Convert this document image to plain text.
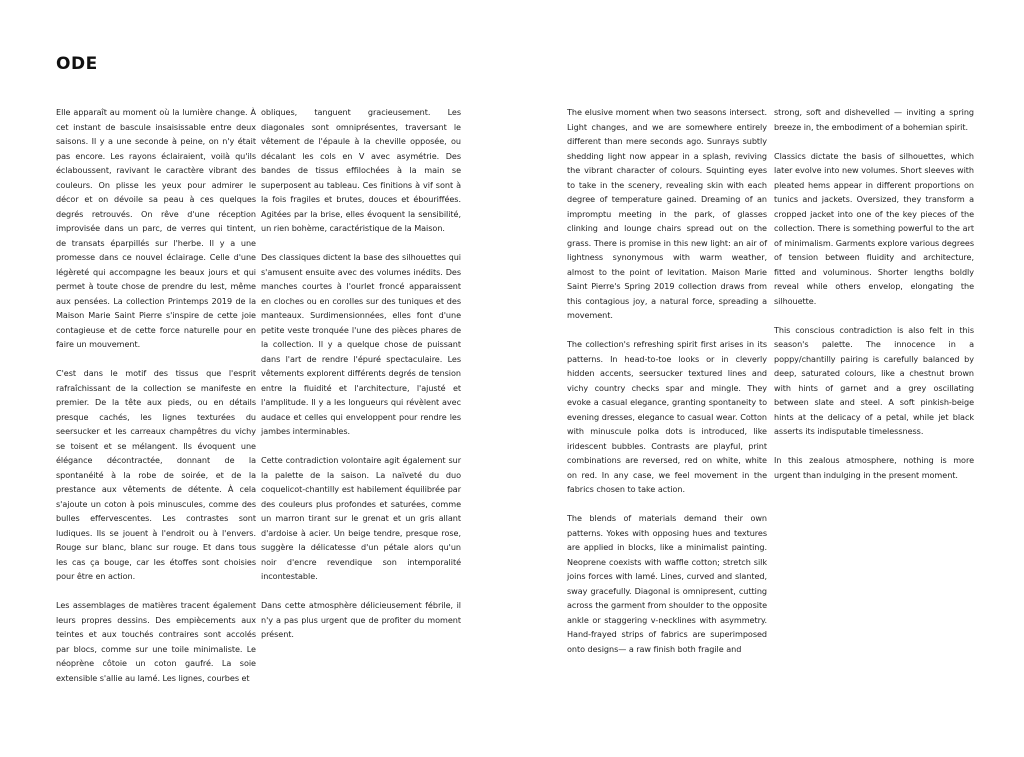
ODE

Elle apparaît au moment où la lumière change. À cet instant de bascule insaisissable entre deux saisons. Il y a une seconde à peine, on n'y était pas encore. Les rayons éclairaient, voilà qu'ils éclaboussent, ravivant le caractère vibrant des couleurs. On plisse les yeux pour admirer le décor et on dévoile sa peau à ces quelques degrés retrouvés. On rêve d'une réception improvisée dans un parc, de verres qui tintent, de transats éparpillés sur l'herbe. Il y a une promesse dans ce nouvel éclairage. Celle d'une légèreté qui accompagne les beaux jours et qui permet à toute chose de prendre du lest, même aux pensées. La collection Printemps 2019 de la Maison Marie Saint Pierre s'inspire de cette joie contagieuse et de cette force naturelle pour en faire un mouvement.

C'est dans le motif des tissus que l'esprit rafraîchissant de la collection se manifeste en premier. De la tête aux pieds, ou en détails presque cachés, les lignes texturées du seersucker et les carreaux champêtres du vichy se toisent et se mélangent. Ils évoquent une élégance décontractée, donnant de la spontanéité à la robe de soirée, et de la prestance aux vêtements de détente. À cela s'ajoute un coton à pois minuscules, comme des bulles effervescentes. Les contrastes sont ludiques. Ils se jouent à l'endroit ou à l'envers. Rouge sur blanc, blanc sur rouge. Et dans tous les cas ça bouge, car les étoffes sont choisies pour être en action.

Les assemblages de matières tracent également leurs propres dessins. Des empiècements aux teintes et aux touchés contraires sont accolés par blocs, comme sur une toile minimaliste. Le néoprène côtoie un coton gaufré. La soie extensible s'allie au lamé. Les lignes, courbes et

obliques, tanguent gracieusement. Les diagonales sont omniprésentes, traversant le vêtement de l'épaule à la cheville opposée, ou décalant les cols en V avec asymétrie. Des bandes de tissus effilochées à la main se superposent au tableau. Ces finitions à vif sont à la fois fragiles et brutes, douces et ébouriffées. Agitées par la brise, elles évoquent la sensibilité, un rien bohème, caractéristique de la Maison.

Des classiques dictent la base des silhouettes qui s'amusent ensuite avec des volumes inédits. Des manches courtes à l'ourlet froncé apparaissent en cloches ou en corolles sur des tuniques et des manteaux. Surdimensionnées, elles font d'une petite veste tronquée l'une des pièces phares de la collection. Il y a quelque chose de puissant dans l'art de rendre l'épuré spectaculaire. Les vêtements explorent différents degrés de tension entre la fluidité et l'architecture, l'ajusté et l'amplitude. Il y a les longueurs qui révèlent avec audace et celles qui enveloppent pour rendre les jambes interminables.

Cette contradiction volontaire agit également sur la palette de la saison. La naïveté du duo coquelicot-chantilly est habilement équilibrée par des couleurs plus profondes et saturées, comme un marron tirant sur le grenat et un gris allant d'ardoise à acier. Un beige tendre, presque rose, suggère la délicatesse d'un pétale alors qu'un noir d'encre revendique son intemporalité incontestable.

Dans cette atmosphère délicieusement fébrile, il n'y a pas plus urgent que de profiter du moment présent.

The elusive moment when two seasons intersect. Light changes, and we are somewhere entirely different than mere seconds ago. Sunrays subtly shedding light now appear in a splash, reviving the vibrant character of colours. Squinting eyes to take in the scenery, revealing skin with each degree of temperature gained. Dreaming of an impromptu meeting in the park, of glasses clinking and lounge chairs spread out on the grass. There is promise in this new light: an air of lightness synonymous with warm weather, almost to the point of levitation. Maison Marie Saint Pierre's Spring 2019 collection draws from this contagious joy, a natural force, spreading a movement.

The collection's refreshing spirit first arises in its patterns. In head-to-toe looks or in cleverly hidden accents, seersucker textured lines and vichy country checks spar and mingle. They evoke a casual elegance, granting spontaneity to evening dresses, elegance to casual wear. Cotton with minuscule polka dots is introduced, like iridescent bubbles. Contrasts are playful, print combinations are reversed, red on white, white on red. In any case, we feel movement in the fabrics chosen to take action.

The blends of materials demand their own patterns. Yokes with opposing hues and textures are applied in blocks, like a minimalist painting. Neoprene coexists with waffle cotton; stretch silk joins forces with lamé. Lines, curved and slanted, sway gracefully. Diagonal is omnipresent, cutting across the garment from shoulder to the opposite ankle or staggering v-necklines with asymmetry. Hand-frayed strips of fabrics are superimposed onto designs— a raw finish both fragile and

strong, soft and dishevelled — inviting a spring breeze in, the embodiment of a bohemian spirit.

Classics dictate the basis of silhouettes, which later evolve into new volumes. Short sleeves with pleated hems appear in different proportions on tunics and jackets. Oversized, they transform a cropped jacket into one of the key pieces of the collection. There is something powerful to the art of minimalism. Garments explore various degrees of tension between fluidity and architecture, fitted and voluminous. Shorter lengths boldly reveal while others envelop, elongating the silhouette.

This conscious contradiction is also felt in this season's palette. The innocence in a poppy/chantilly pairing is carefully balanced by deep, saturated colours, like a chestnut brown with hints of garnet and a grey oscillating between slate and steel. A soft pinkish-beige hints at the delicacy of a petal, while jet black asserts its indisputable timelessness.

In this zealous atmosphere, nothing is more urgent than indulging in the present moment.
